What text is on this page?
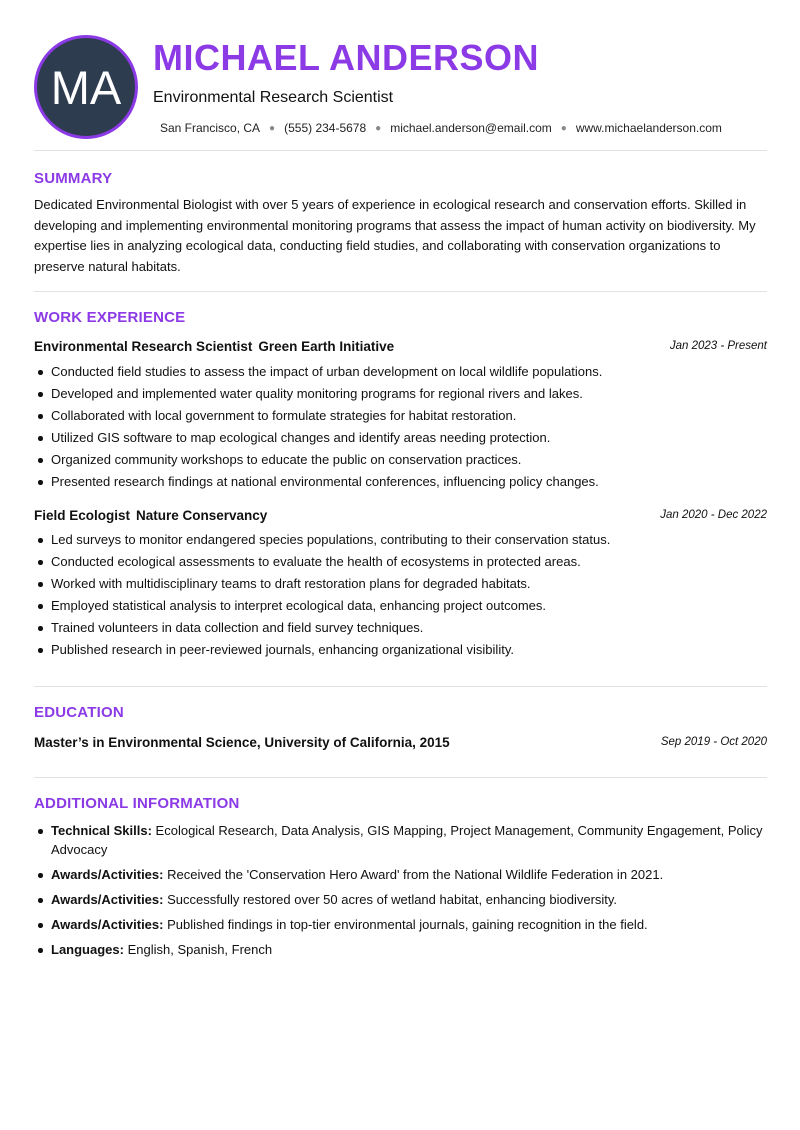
MA
MICHAEL ANDERSON
Environmental Research Scientist
San Francisco, CA ● (555) 234-5678 ● michael.anderson@email.com ● www.michaelanderson.com
SUMMARY

Dedicated Environmental Biologist with over 5 years of experience in ecological research and conservation efforts. Skilled in developing and implementing environmental monitoring programs that assess the impact of human activity on biodiversity. My expertise lies in analyzing ecological data, conducting field studies, and collaborating with conservation organizations to preserve natural habitats.

WORK EXPERIENCE
Environmental Research Scientist Green Earth Initiative	Jan 2023 - Present
Conducted field studies to assess the impact of urban development on local wildlife populations.
Developed and implemented water quality monitoring programs for regional rivers and lakes.
Collaborated with local government to formulate strategies for habitat restoration.
Utilized GIS software to map ecological changes and identify areas needing protection.
Organized community workshops to educate the public on conservation practices.
Presented research findings at national environmental conferences, influencing policy changes.
Field Ecologist Nature Conservancy	Jan 2020 - Dec 2022
Led surveys to monitor endangered species populations, contributing to their conservation status.
Conducted ecological assessments to evaluate the health of ecosystems in protected areas.
Worked with multidisciplinary teams to draft restoration plans for degraded habitats.
Employed statistical analysis to interpret ecological data, enhancing project outcomes.
Trained volunteers in data collection and field survey techniques.
Published research in peer-reviewed journals, enhancing organizational visibility.
EDUCATION
Master’s in Environmental Science, University of California, 2015	Sep 2019 - Oct 2020
ADDITIONAL INFORMATION
Technical Skills: Ecological Research, Data Analysis, GIS Mapping, Project Management, Community Engagement, Policy Advocacy
Awards/Activities: Received the 'Conservation Hero Award' from the National Wildlife Federation in 2021.
Awards/Activities: Successfully restored over 50 acres of wetland habitat, enhancing biodiversity.
Awards/Activities: Published findings in top-tier environmental journals, gaining recognition in the field.
Languages: English, Spanish, French
